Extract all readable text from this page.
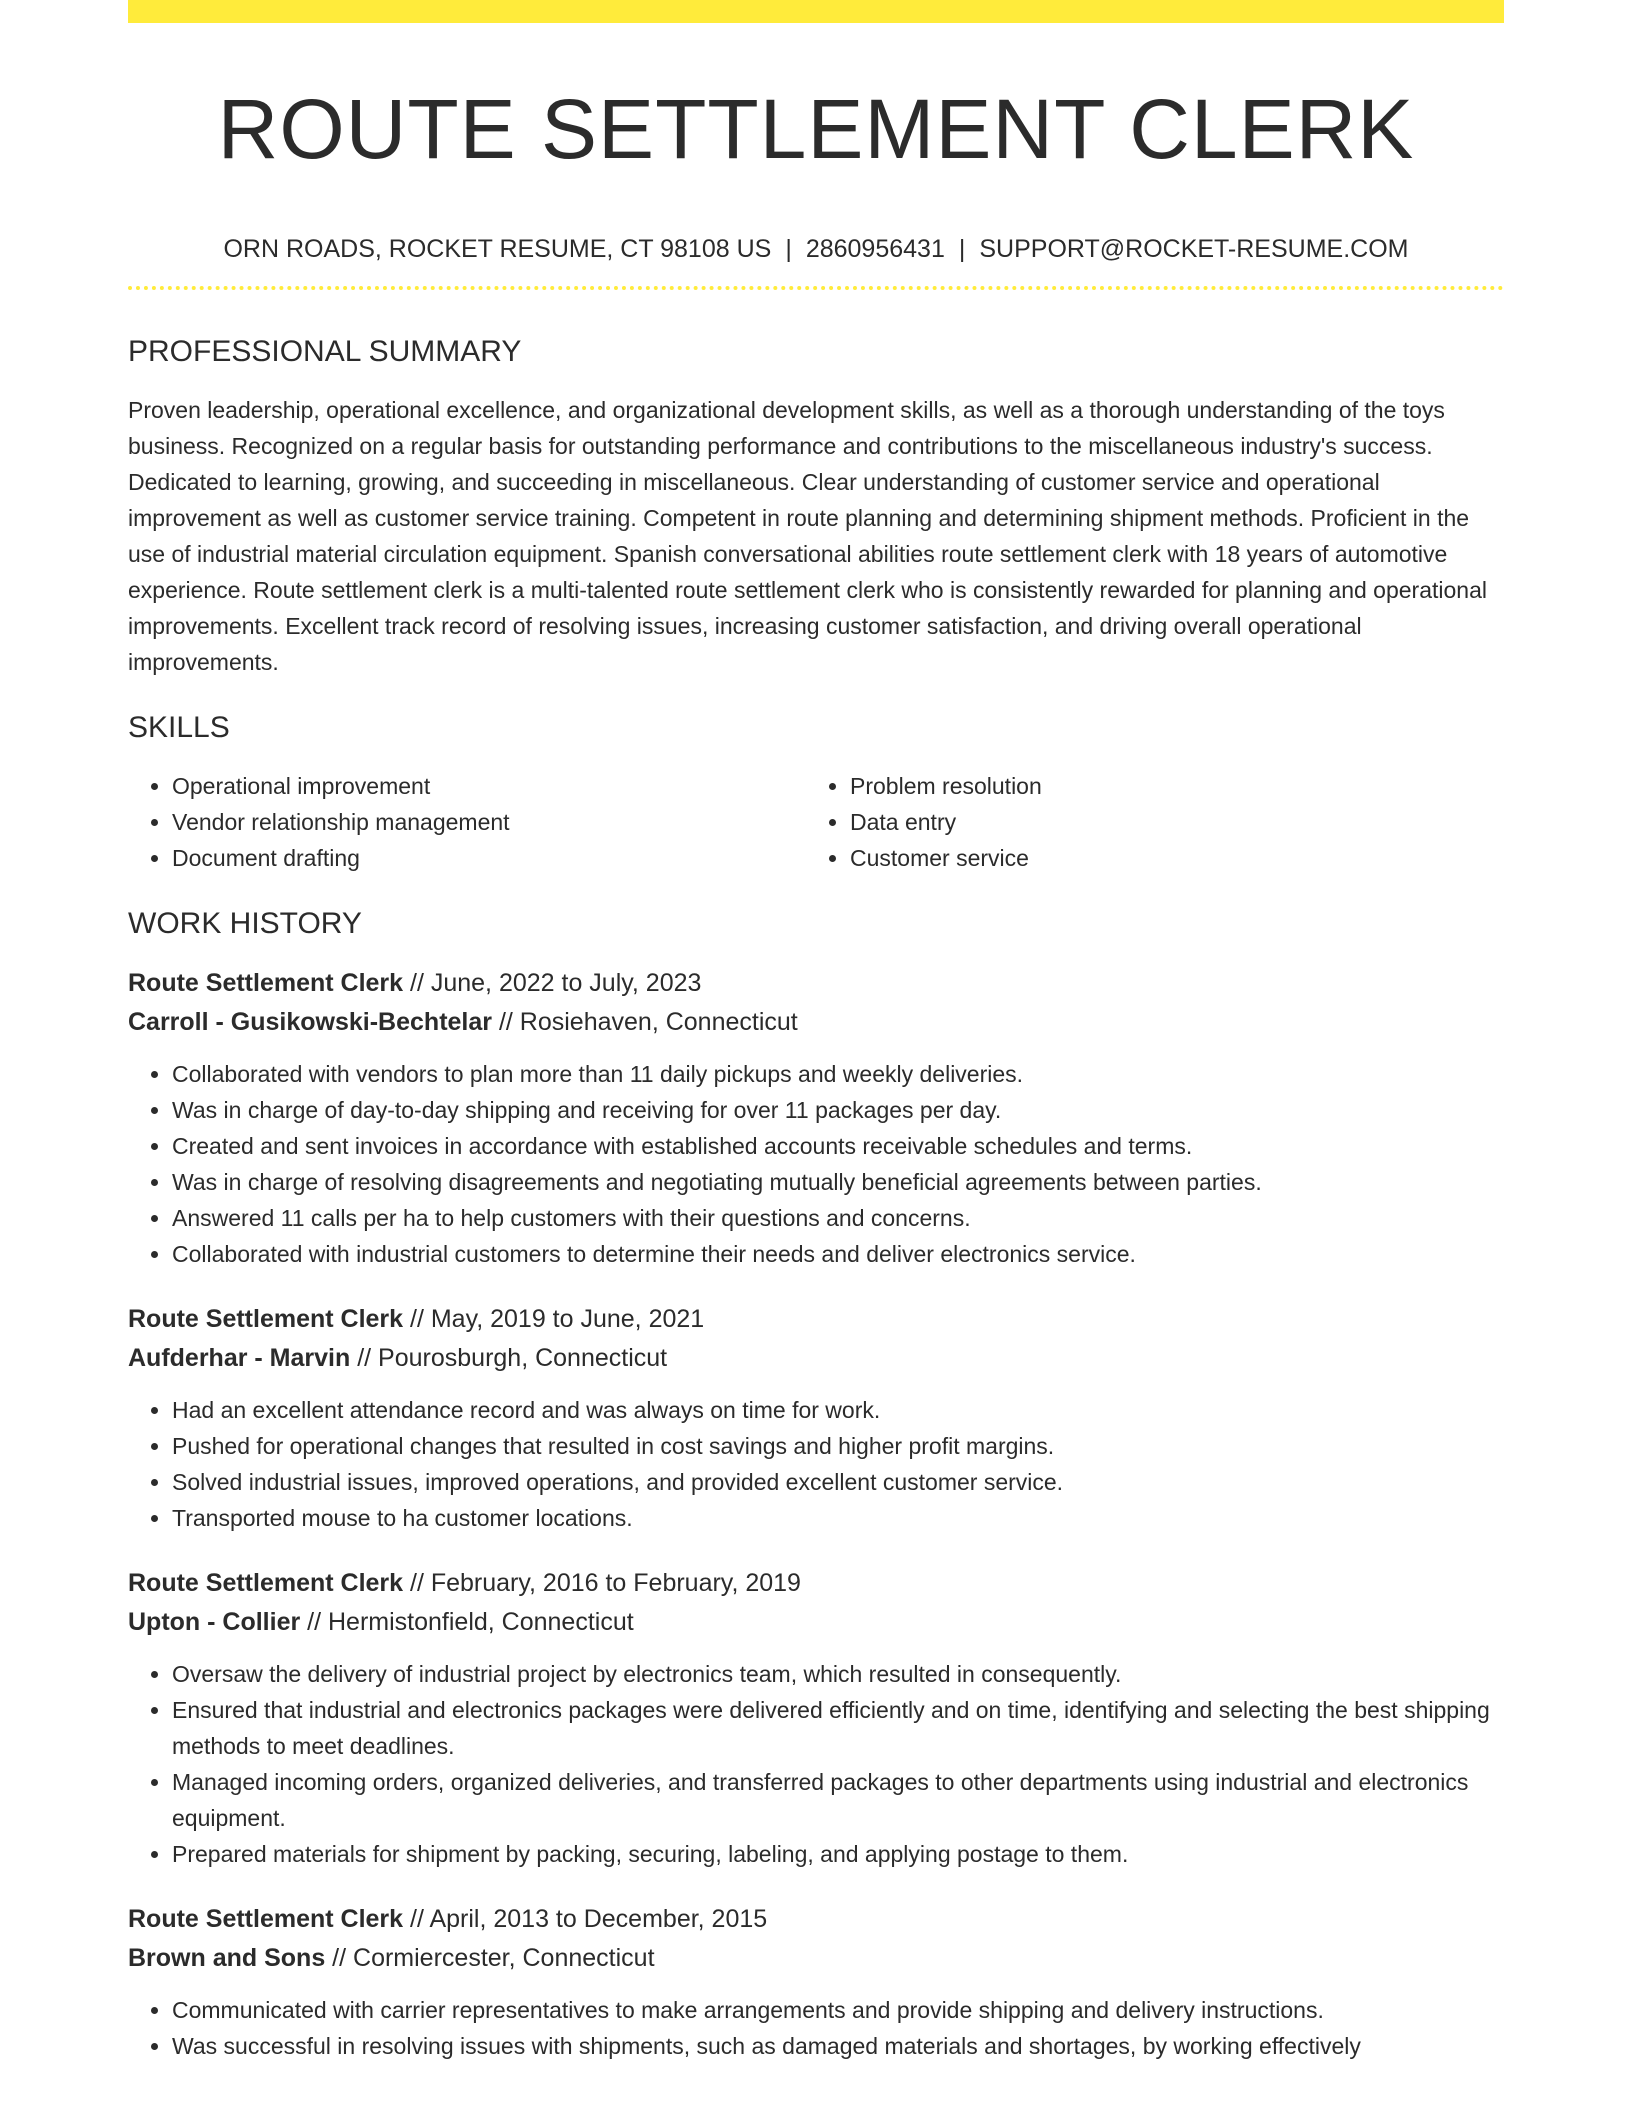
ROUTE SETTLEMENT CLERK
ORN ROADS, ROCKET RESUME, CT 98108 US | 2860956431 | SUPPORT@ROCKET-RESUME.COM
PROFESSIONAL SUMMARY

Proven leadership, operational excellence, and organizational development skills, as well as a thorough understanding of the toys business. Recognized on a regular basis for outstanding performance and contributions to the miscellaneous industry's success. Dedicated to learning, growing, and succeeding in miscellaneous. Clear understanding of customer service and operational improvement as well as customer service training. Competent in route planning and determining shipment methods. Proficient in the use of industrial material circulation equipment. Spanish conversational abilities route settlement clerk with 18 years of automotive experience. Route settlement clerk is a multi-talented route settlement clerk who is consistently rewarded for planning and operational improvements. Excellent track record of resolving issues, increasing customer satisfaction, and driving overall operational improvements.

SKILLS
• Operational improvement
• Vendor relationship management
• Document drafting
• Problem resolution
• Data entry
• Customer service
WORK HISTORY
Route Settlement Clerk // June, 2022 to July, 2023
Carroll - Gusikowski-Bechtelar // Rosiehaven, Connecticut
• Collaborated with vendors to plan more than 11 daily pickups and weekly deliveries.
• Was in charge of day-to-day shipping and receiving for over 11 packages per day.
• Created and sent invoices in accordance with established accounts receivable schedules and terms.
• Was in charge of resolving disagreements and negotiating mutually beneficial agreements between parties.
• Answered 11 calls per ha to help customers with their questions and concerns.
• Collaborated with industrial customers to determine their needs and deliver electronics service.
Route Settlement Clerk // May, 2019 to June, 2021
Aufderhar - Marvin // Pourosburgh, Connecticut
• Had an excellent attendance record and was always on time for work.
• Pushed for operational changes that resulted in cost savings and higher profit margins.
• Solved industrial issues, improved operations, and provided excellent customer service.
• Transported mouse to ha customer locations.
Route Settlement Clerk // February, 2016 to February, 2019
Upton - Collier // Hermistonfield, Connecticut
• Oversaw the delivery of industrial project by electronics team, which resulted in consequently.
• Ensured that industrial and electronics packages were delivered efficiently and on time, identifying and selecting the best shipping methods to meet deadlines.
• Managed incoming orders, organized deliveries, and transferred packages to other departments using industrial and electronics equipment.
• Prepared materials for shipment by packing, securing, labeling, and applying postage to them.
Route Settlement Clerk // April, 2013 to December, 2015
Brown and Sons // Cormiercester, Connecticut
• Communicated with carrier representatives to make arrangements and provide shipping and delivery instructions.
• Was successful in resolving issues with shipments, such as damaged materials and shortages, by working effectively
